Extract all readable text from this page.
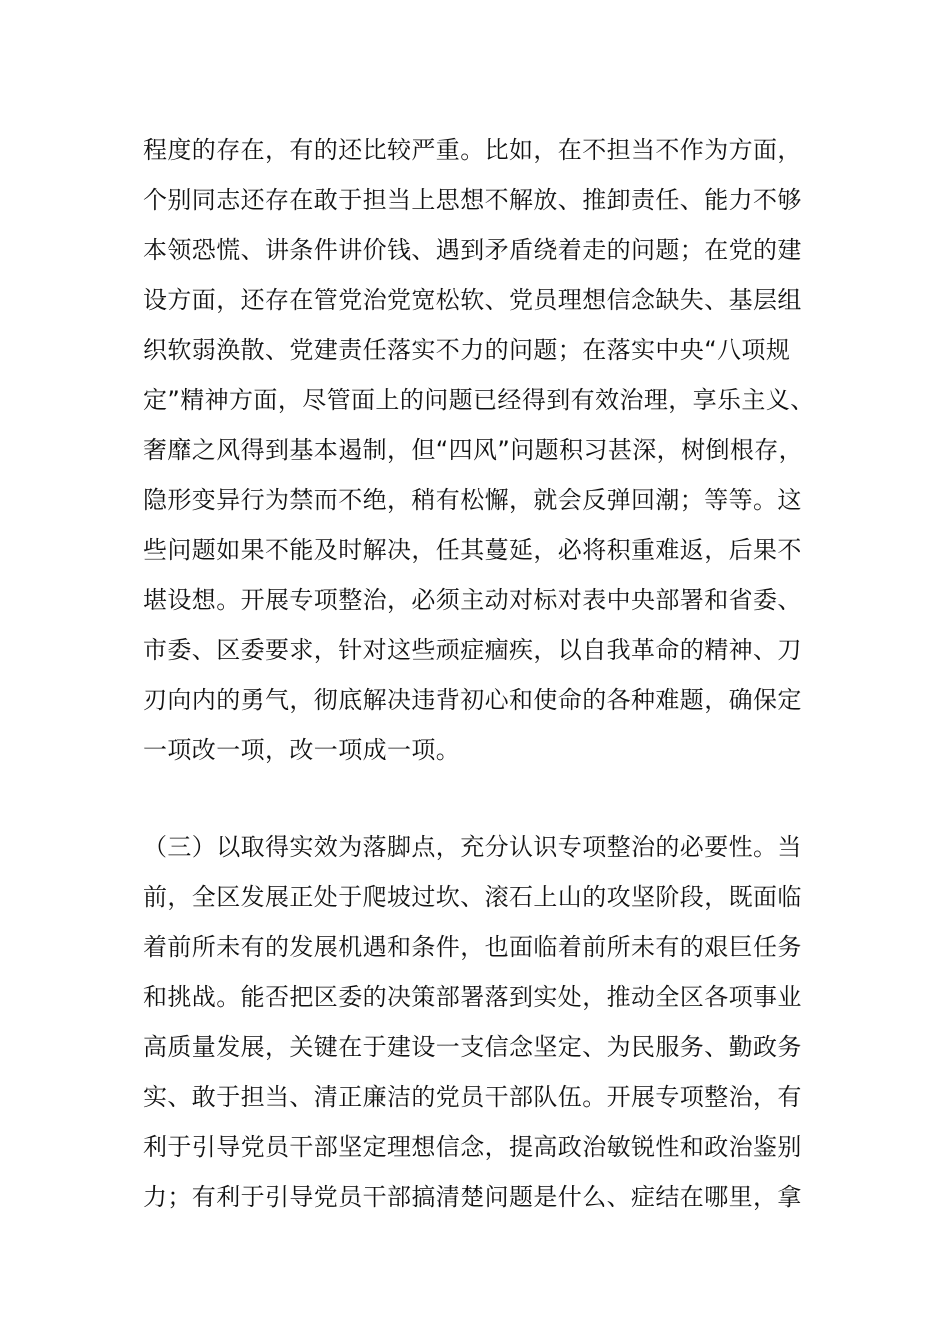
程度的存在，有的还比较严重。比如，在不担当不作为方面，
个别同志还存在敢于担当上思想不解放、推卸责任、能力不够
本领恐慌、讲条件讲价钱、遇到矛盾绕着走的问题；在党的建
设方面，还存在管党治党宽松软、党员理想信念缺失、基层组
织软弱涣散、党建责任落实不力的问题；在落实中央“八项规
定”精神方面，尽管面上的问题已经得到有效治理，享乐主义、
奢靡之风得到基本遏制，但“四风”问题积习甚深，树倒根存，
隐形变异行为禁而不绝，稍有松懈，就会反弹回潮；等等。这
些问题如果不能及时解决，任其蔓延，必将积重难返，后果不
堪设想。开展专项整治，必须主动对标对表中央部署和省委、
市委、区委要求，针对这些顽症痼疾，以自我革命的精神、刀
刃向内的勇气，彻底解决违背初心和使命的各种难题，确保定
一项改一项，改一项成一项。
（三）以取得实效为落脚点，充分认识专项整治的必要性。当
前，全区发展正处于爬坡过坎、滚石上山的攻坚阶段，既面临
着前所未有的发展机遇和条件，也面临着前所未有的艰巨任务
和挑战。能否把区委的决策部署落到实处，推动全区各项事业
高质量发展，关键在于建设一支信念坚定、为民服务、勤政务
实、敢于担当、清正廉洁的党员干部队伍。开展专项整治，有
利于引导党员干部坚定理想信念，提高政治敏锐性和政治鉴别
力；有利于引导党员干部搞清楚问题是什么、症结在哪里，拿
